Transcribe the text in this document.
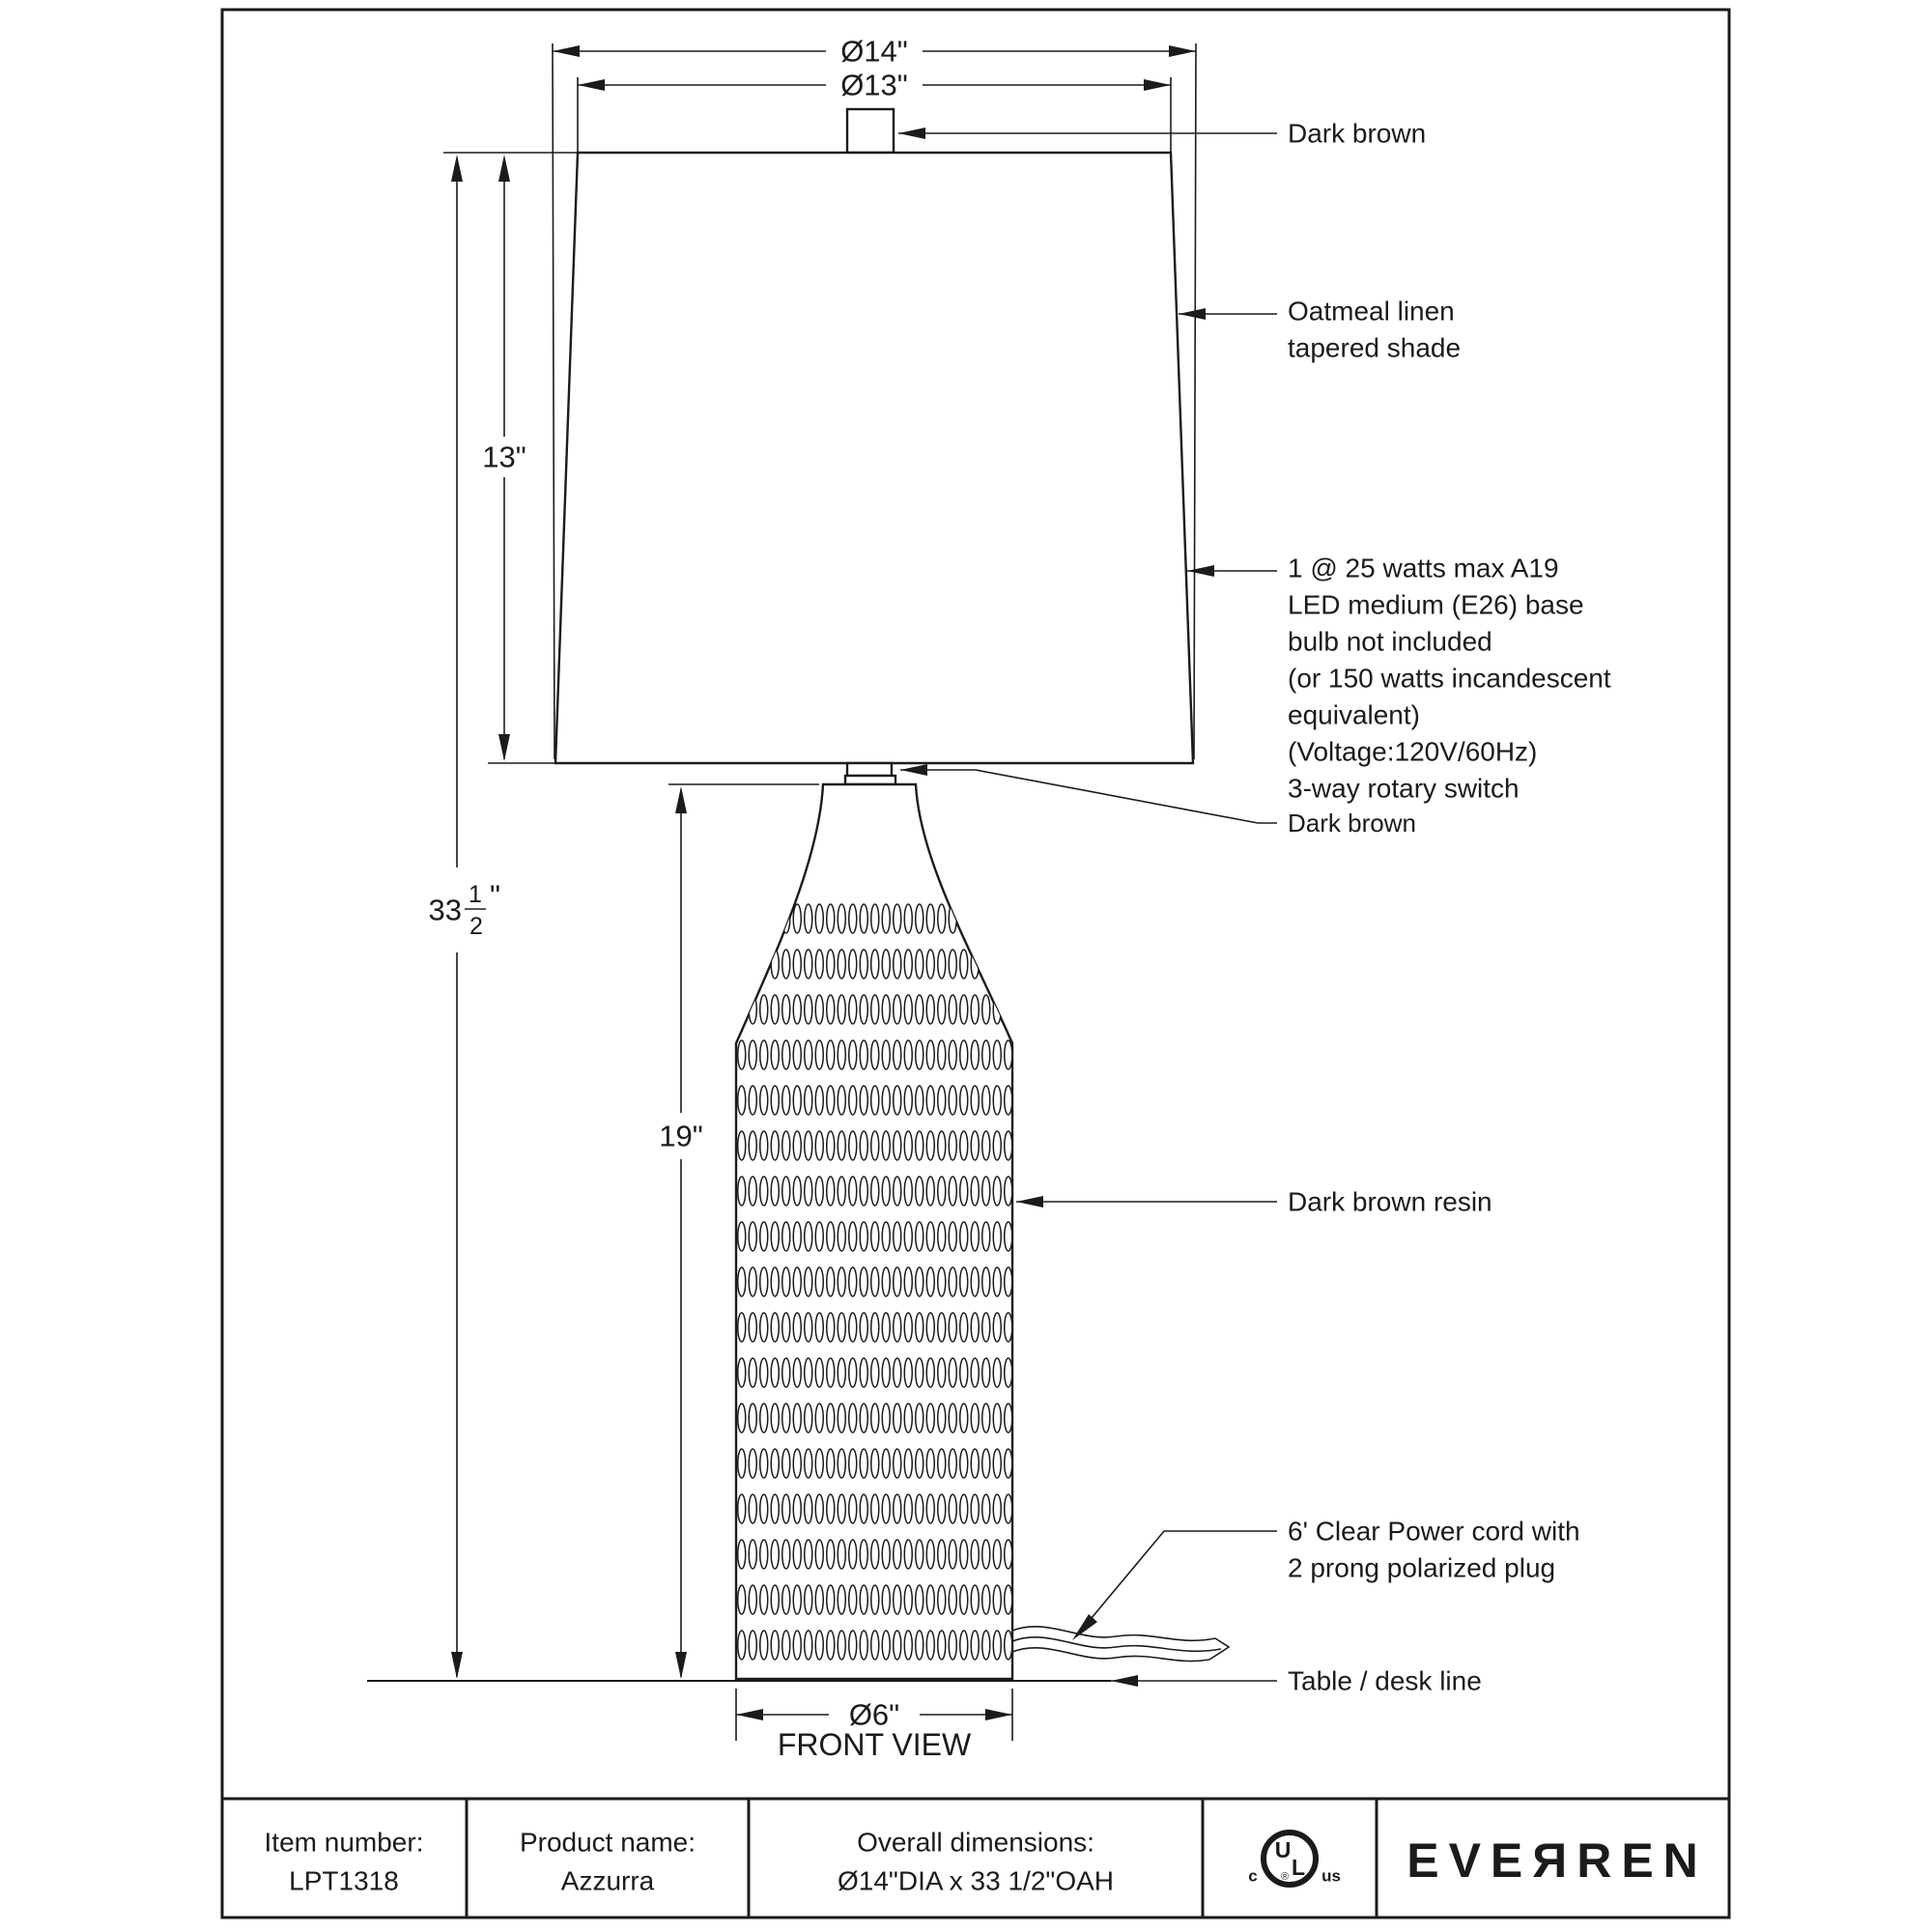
Ø14"
Ø13"
13"
33 1
2
"
19"
Ø6"
FRONT VIEW
Dark brown
Oatmeal linen
tapered shade
1 @ 25 watts max A19
LED medium (E26) base
bulb not included
(or 150 watts incandescent
equivalent)
(Voltage:120V/60Hz)
3-way rotary switch
Dark brown
Dark brown resin
6' Clear Power cord with
2 prong polarized plug
Table / desk line
Item number:
LPT1318
Product name:
Azzurra
Overall dimensions:
Ø14"DIA x 33 1/2"OAH
U
L
®
c	us EVEЯREN
